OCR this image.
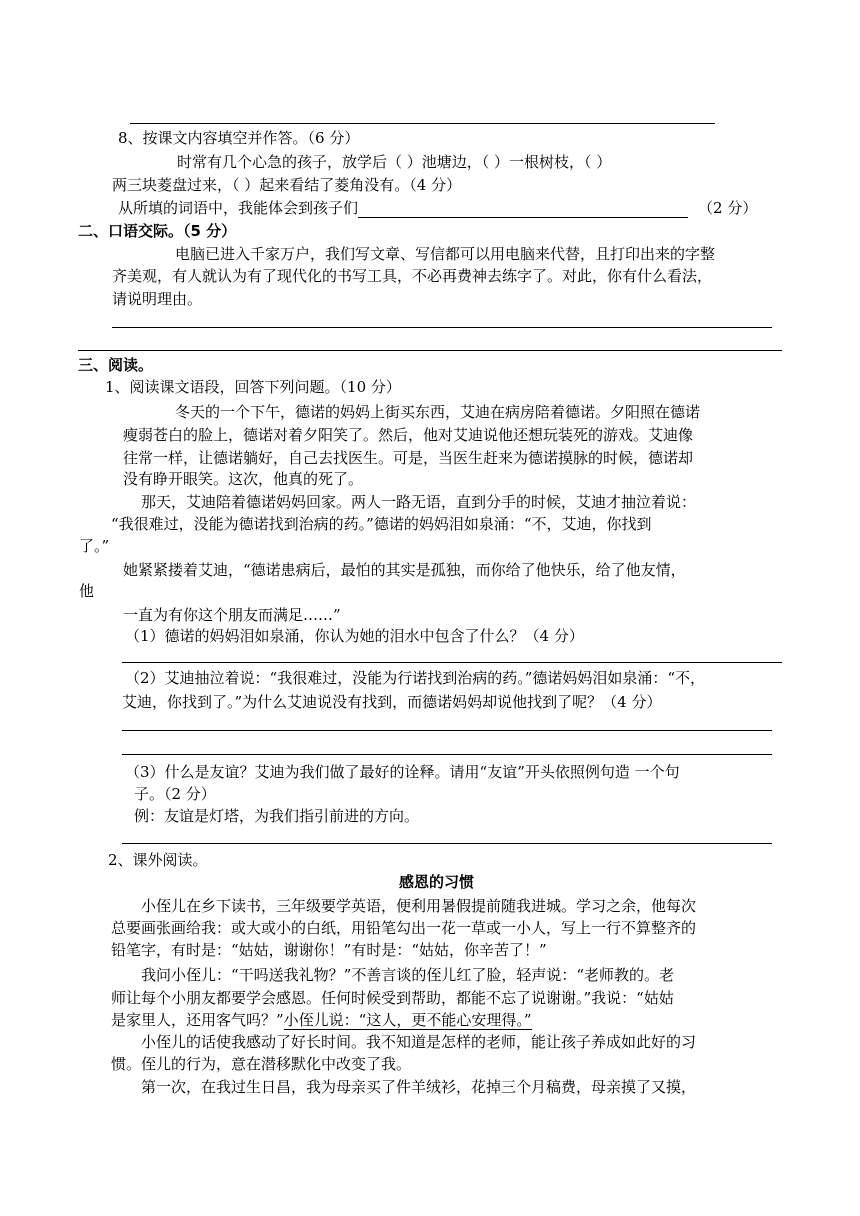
8、按课文内容填空并作答。（6 分）
时常有几个心急的孩子，放学后（ ）池塘边，（ ）一根树枝，（ ）
两三块菱盘过来，（ ）起来看结了菱角没有。（4 分）
从所填的词语中，我能体会到孩子们	（2 分）
二、口语交际。（5 分）
电脑已进入千家万户，我们写文章、写信都可以用电脑来代替，且打印出来的字整
齐美观，有人就认为有了现代化的书写工具，不必再费神去练字了。对此，你有什么看法，
请说明理由。
三、阅读。
1、阅读课文语段，回答下列问题。（10 分）
冬天的一个下午，德诺的妈妈上街买东西，艾迪在病房陪着德诺。夕阳照在德诺
瘦弱苍白的脸上，德诺对着夕阳笑了。然后，他对艾迪说他还想玩装死的游戏。艾迪像
往常一样，让德诺躺好，自己去找医生。可是，当医生赶来为德诺摸脉的时候，德诺却
没有睁开眼笑。这次，他真的死了。
那天，艾迪陪着德诺妈妈回家。两人一路无语，直到分手的时候，艾迪才抽泣着说：
“我很难过，没能为德诺找到治病的药。”德诺的妈妈泪如泉涌：“不，艾迪，你找到
了。”
她紧紧搂着艾迪，“德诺患病后，最怕的其实是孤独，而你给了他快乐，给了他友情，
他
一直为有你这个朋友而满足……”
（1）德诺的妈妈泪如泉涌，你认为她的泪水中包含了什么？（4 分）
（2）艾迪抽泣着说：“我很难过，没能为行诺找到治病的药。”德诺妈妈泪如泉涌：“不，
艾迪，你找到了。”为什么艾迪说没有找到，而德诺妈妈却说他找到了呢？（4 分）
（3）什么是友谊？艾迪为我们做了最好的诠释。请用“友谊”开头依照例句造 一个句
子。（2 分）
例：友谊是灯塔，为我们指引前进的方向。
2、课外阅读。
感恩的习惯
小侄儿在乡下读书，三年级要学英语，便利用暑假提前随我进城。学习之余，他每次
总要画张画给我：或大或小的白纸，用铅笔勾出一花一草或一小人，写上一行不算整齐的
铅笔字，有时是：“姑姑，谢谢你！”有时是：“姑姑，你辛苦了！”
我问小侄儿：“干吗送我礼物？”不善言谈的侄儿红了脸，轻声说：“老师教的。老
师让每个小朋友都要学会感恩。任何时候受到帮助，都能不忘了说谢谢。”我说：“姑姑
是家里人，还用客气吗？”小侄儿说：“这人，更不能心安理得。”
小侄儿的话使我感动了好长时间。我不知道是怎样的老师，能让孩子养成如此好的习
惯。侄儿的行为，意在潜移默化中改变了我。
第一次，在我过生日昌，我为母亲买了件羊绒衫，花掉三个月稿费，母亲摸了又摸，
